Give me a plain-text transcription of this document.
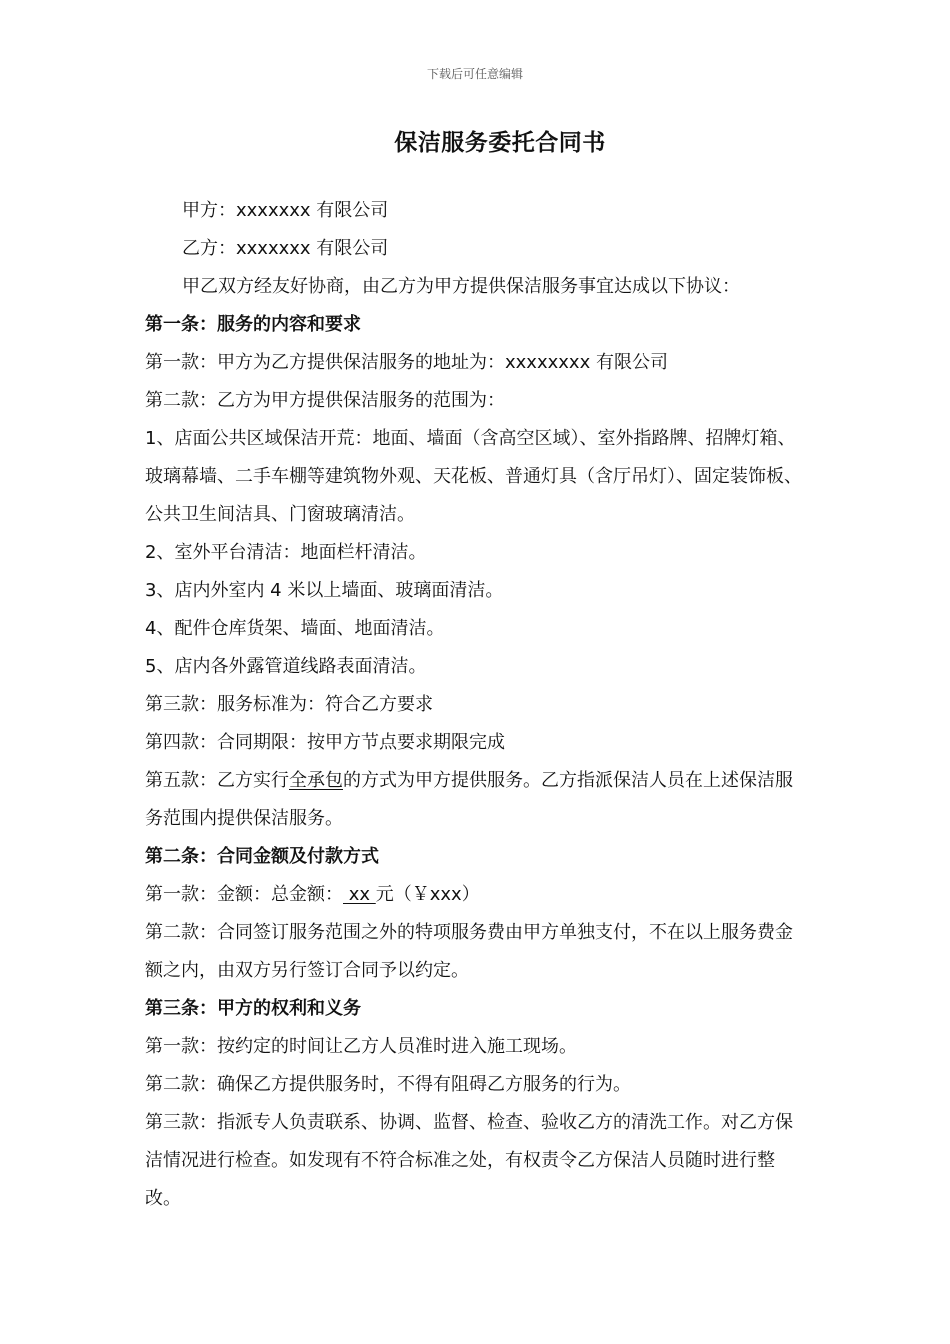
下载后可任意编辑
保洁服务委托合同书

甲方：xxxxxxx 有限公司

乙方：xxxxxxx 有限公司

甲乙双方经友好协商，由乙方为甲方提供保洁服务事宜达成以下协议：

第一条：服务的内容和要求

第一款：甲方为乙方提供保洁服务的地址为：xxxxxxxx 有限公司

第二款：乙方为甲方提供保洁服务的范围为：

1、店面公共区域保洁开荒：地面、墙面（含高空区域）、室外指路牌、招牌灯箱、玻璃幕墙、二手车棚等建筑物外观、天花板、普通灯具（含厅吊灯）、固定装饰板、公共卫生间洁具、门窗玻璃清洁。

2、室外平台清洁：地面栏杆清洁。

3、店内外室内 4 米以上墙面、玻璃面清洁。

4、配件仓库货架、墙面、地面清洁。

5、店内各外露管道线路表面清洁。

第三款：服务标准为：符合乙方要求

第四款：合同期限：按甲方节点要求期限完成

第五款：乙方实行全承包的方式为甲方提供服务。乙方指派保洁人员在上述保洁服务范围内提供保洁服务。

第二条：合同金额及付款方式

第一款：金额：总金额： xx 元（￥xxx）

第二款：合同签订服务范围之外的特项服务费由甲方单独支付，不在以上服务费金额之内，由双方另行签订合同予以约定。

第三条：甲方的权利和义务

第一款：按约定的时间让乙方人员准时进入施工现场。

第二款：确保乙方提供服务时，不得有阻碍乙方服务的行为。

第三款：指派专人负责联系、协调、监督、检查、验收乙方的清洗工作。对乙方保洁情况进行检查。如发现有不符合标准之处，有权责令乙方保洁人员随时进行整改。
